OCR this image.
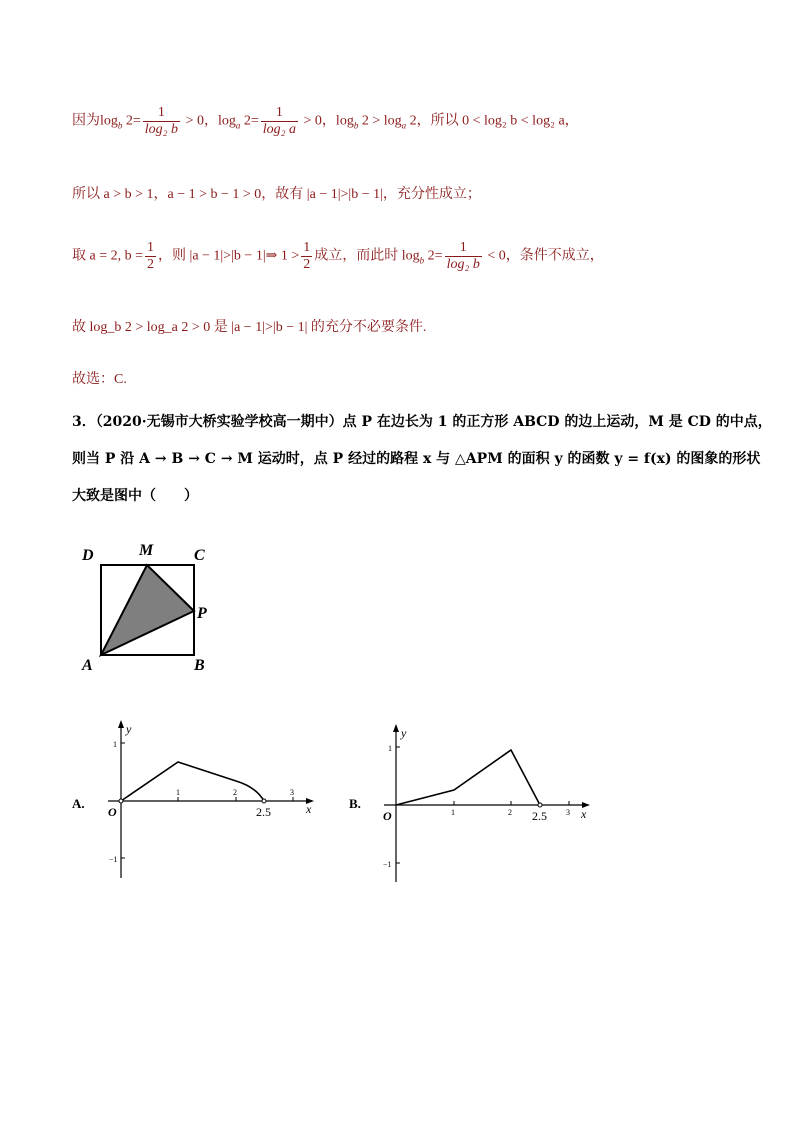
因为$\log_b 2= \frac{1}{\text{log₂ b}} > 0$，$\log_a 2= \frac{1}{\text{log₂ a}} > 0$，$\log_b 2 > \log_a 2$，所以 0 < log₂ b < log₂ a，
所以 a > b > 1，a − 1 > b − 1 > 0，故有 |a − 1|>|b − 1|，充分性成立；
取 a = 2, $b = \frac{1}{2}$ ，则 |a − 1|>|b − 1|⇒ $1 > \frac{1}{2}$ 成立，而此时 $\log_b 2= \frac{1}{\text{log₂ b}} < 0$，条件不成立，
故 log_b 2 > log_a 2 > 0 是 |a − 1|>|b − 1| 的充分不必要条件.
故选：C.
3．（2020·无锡市大桥实验学校高一期中）点 P 在边长为 1 的正方形 ABCD 的边上运动，M 是 CD 的中点，
则当 P 沿 A → B → C → M 运动时，点 P 经过的路程 x 与 △APM 的面积 y 的函数 y = f(x) 的图象的形状
大致是图中（　　）
D	M	C
P
A	B
A.
1	2	3
1
−1
y
x
O	2.5
B.
1	2	3
1
−1
y
x
O	2.5
